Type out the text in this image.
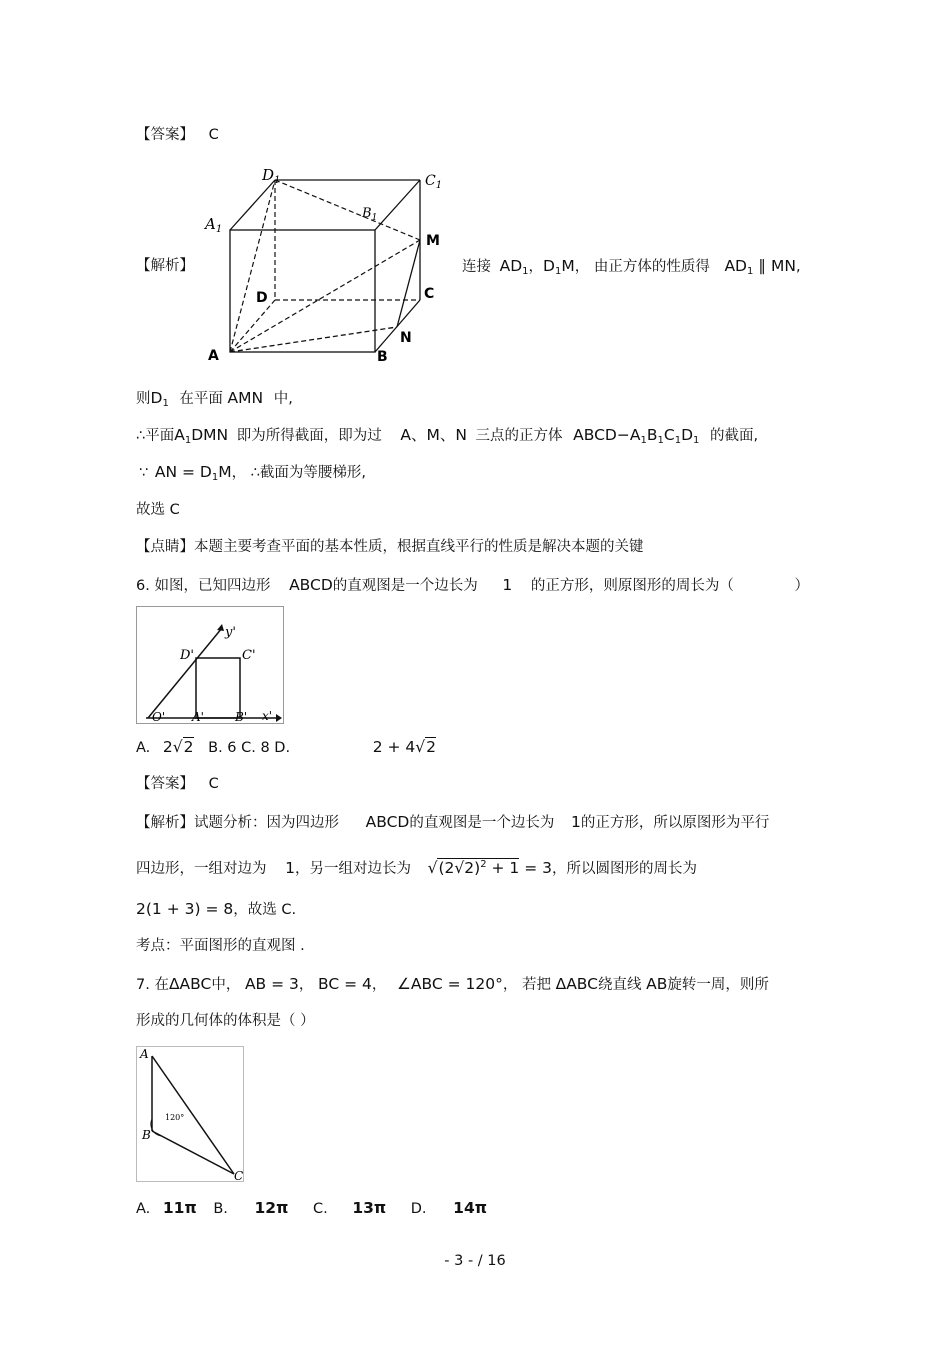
【答案】 C
$D_1$	$C_1$
$A_1$
$B_1$
M
D	C
N
A	B
【解析】	连接 $AD_1$，$D_1M$， 由正方体的性质得 $AD_1$ ∥ MN,
则$D_1$ 在平面 AMN 中,
∴平面$A_1DMN$ 即为所得截面，即为过 A、M、N 三点的正方体 $ABCD-A_1B_1C_1D_1$ 的截面,
∵ AN = $D_1M$， ∴截面为等腰梯形,
故选 C
【点睛】本题主要考查平面的基本性质，根据直线平行的性质是解决本题的关键
6. 如图，已知四边形 ABCD的直观图是一个边长为 1 的正方形，则原图形的周长为（	）
y'
D'	C'
O' A'	B' x'
A. 2√2 B. 6 C. 8 D.	2 + 4√2
【答案】 C
【解析】试题分析：因为四边形 ABCD的直观图是一个边长为 1的正方形，所以原图形为平行
四边形，一组对边为 1，另一组对边长为 $√(2√2)^2 + 1 = 3$，所以圆图形的周长为
2(1 + 3) = 8，故选 C.
考点：平面图形的直观图 .
7. 在ΔABC中， AB = 3， BC = 4， ∠ABC = 120°， 若把 ΔABC绕直线 AB旋转一周，则所
形成的几何体的体积是（ ）
A
B
C
120°
A. 11π B. 12π C. 13π D. 14π
- 3 - / 16
